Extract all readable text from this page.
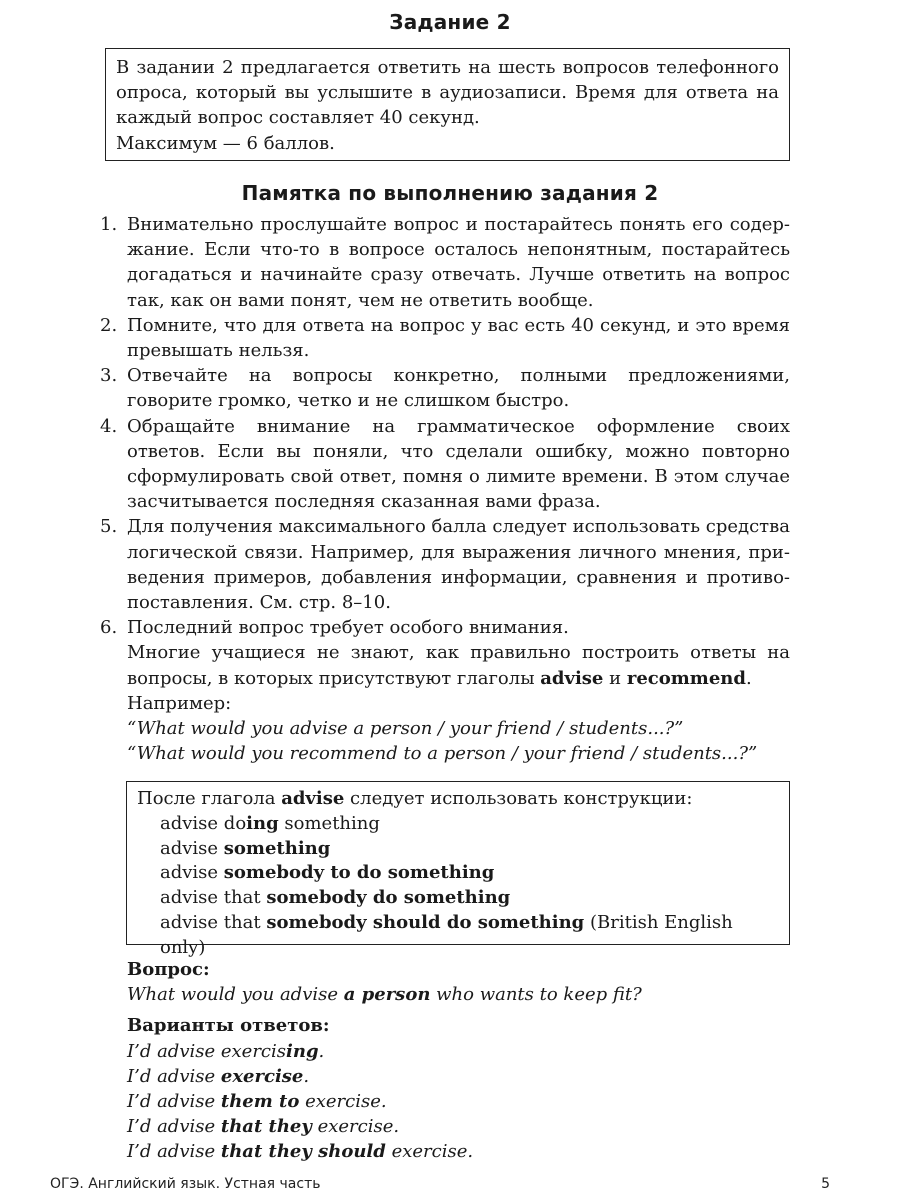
Задание 2

В задании 2 предлагается ответить на шесть вопросов телефонного опроса, который вы услышите в аудиозаписи. Время для ответа на каждый вопрос составляет 40 секунд.

Максимум — 6 баллов.

Памятка по выполнению задания 2
1. Внимательно прослушайте вопрос и постарайтесь понять его содер-жание. Если что-то в вопросе осталось непонятным, постарайтесь догадаться и начинайте сразу отвечать. Лучше ответить на вопрос так, как он вами понят, чем не ответить вообще.

2. Помните, что для ответа на вопрос у вас есть 40 секунд, и это время превышать нельзя.

3. Отвечайте на вопросы конкретно, полными предложениями, говорите громко, четко и не слишком быстро.

4. Обращайте внимание на грамматическое оформление своих ответов. Если вы поняли, что сделали ошибку, можно повторно сформулировать свой ответ, помня о лимите времени. В этом случае засчитывается последняя сказанная вами фраза.

5. Для получения максимального балла следует использовать средства логической связи. Например, для выражения личного мнения, при-ведения примеров, добавления информации, сравнения и противо-поставления. См. стр. 8–10.

6. Последний вопрос требует особого внимания.

Многие учащиеся не знают, как правильно построить ответы на вопросы, в которых присутствуют глаголы advise и recommend.

Например:

“What would you advise a person / your friend / students...?”

“What would you recommend to a person / your friend / students...?”

После глагола advise следует использовать конструкции:

advise doing something

advise something

advise somebody to do something

advise that somebody do something

advise that somebody should do something (British English only)

Вопрос:

What would you advise a person who wants to keep fit?

Варианты ответов:

I’d advise exercising.

I’d advise exercise.

I’d advise them to exercise.

I’d advise that they exercise.

I’d advise that they should exercise.

ОГЭ. Английский язык. Устная часть	5
